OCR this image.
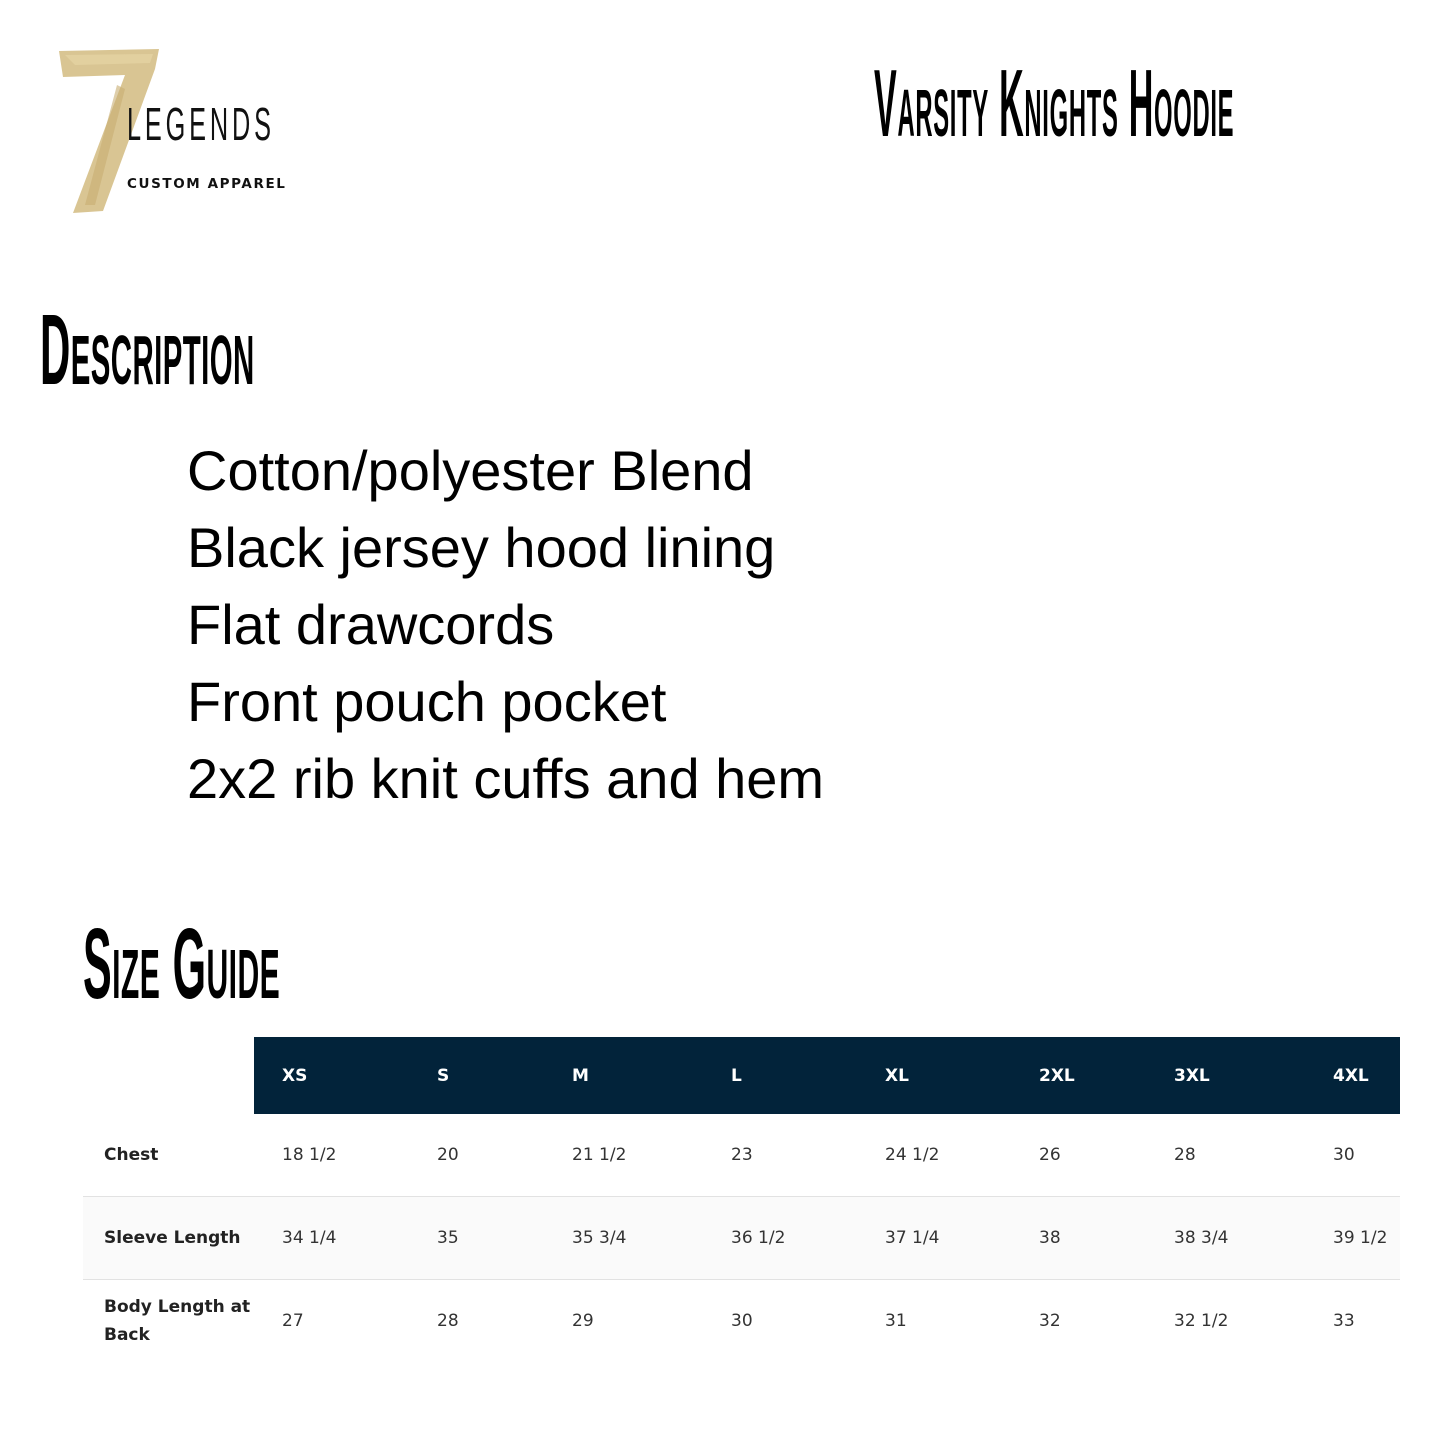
LEGENDS
CUSTOM APPAREL
Varsity Knights Hoodie
Description
Cotton/polyester Blend
Black jersey hood lining
Flat drawcords
Front pouch pocket
2x2 rib knit cuffs and hem
Size Guide
	XS	S	M	L	XL	2XL	3XL	4XL
Chest	18 1/2	20	21 1/2	23	24 1/2	26	28	30
Sleeve Length	34 1/4	35	35 3/4	36 1/2	37 1/4	38	38 3/4	39 1/2
Body Length at Back	27	28	29	30	31	32	32 1/2	33
